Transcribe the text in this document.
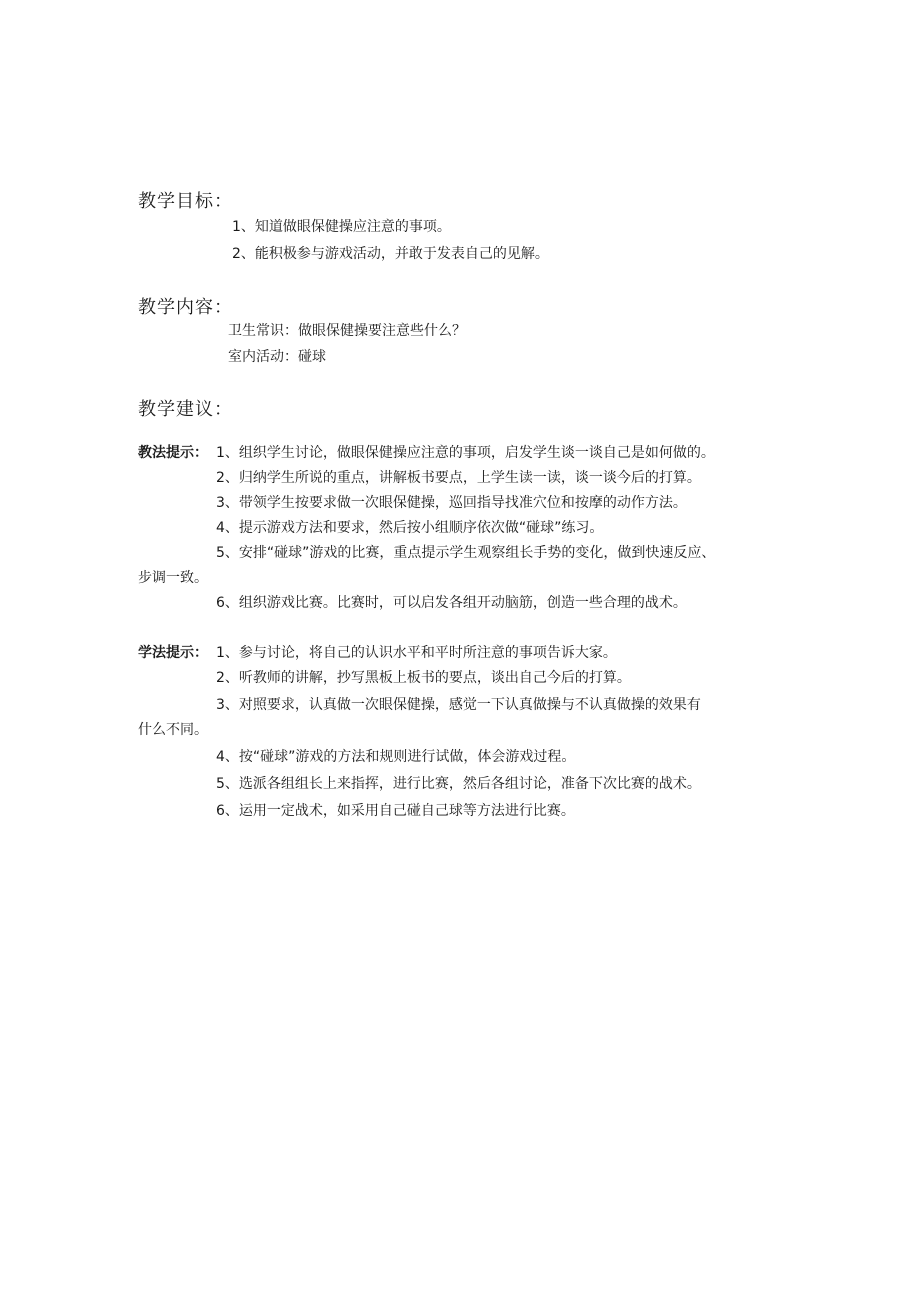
教学目标：
1、知道做眼保健操应注意的事项。
2、能积极参与游戏活动，并敢于发表自己的见解。
教学内容：
卫生常识：做眼保健操要注意些什么？
室内活动：碰球
教学建议：
教法提示： 1、组织学生讨论，做眼保健操应注意的事项，启发学生谈一谈自己是如何做的。
2、归纳学生所说的重点，讲解板书要点，上学生读一读，谈一谈今后的打算。
3、带领学生按要求做一次眼保健操，巡回指导找准穴位和按摩的动作方法。
4、提示游戏方法和要求，然后按小组顺序依次做“碰球”练习。
5、安排“碰球”游戏的比赛，重点提示学生观察组长手势的变化，做到快速反应、
步调一致。
6、组织游戏比赛。比赛时，可以启发各组开动脑筋，创造一些合理的战术。
学法提示： 1、参与讨论，将自己的认识水平和平时所注意的事项告诉大家。
2、听教师的讲解，抄写黑板上板书的要点，谈出自己今后的打算。
3、对照要求，认真做一次眼保健操，感觉一下认真做操与不认真做操的效果有
什么不同。
4、按“碰球”游戏的方法和规则进行试做，体会游戏过程。
5、选派各组组长上来指挥，进行比赛，然后各组讨论，准备下次比赛的战术。
6、运用一定战术，如采用自己碰自己球等方法进行比赛。
